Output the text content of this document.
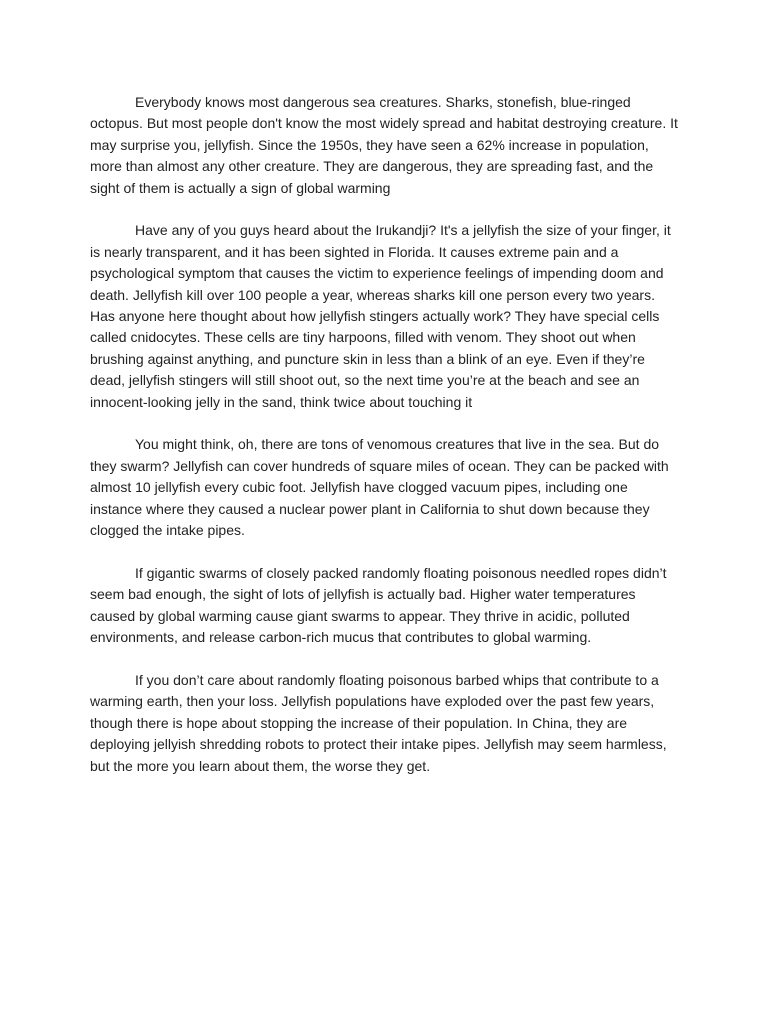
Everybody knows most dangerous sea creatures. Sharks, stonefish, blue-ringed octopus. But most people don't know the most widely spread and habitat destroying creature. It may surprise you, jellyfish. Since the 1950s, they have seen a 62% increase in population, more than almost any other creature. They are dangerous, they are spreading fast, and the sight of them is actually a sign of global warming

Have any of you guys heard about the Irukandji? It's a jellyfish the size of your finger, it is nearly transparent, and it has been sighted in Florida. It causes extreme pain and a psychological symptom that causes the victim to experience feelings of impending doom and death. Jellyfish kill over 100 people a year, whereas sharks kill one person every two years. Has anyone here thought about how jellyfish stingers actually work? They have special cells called cnidocytes. These cells are tiny harpoons, filled with venom. They shoot out when brushing against anything, and puncture skin in less than a blink of an eye. Even if they’re dead, jellyfish stingers will still shoot out, so the next time you’re at the beach and see an innocent-looking jelly in the sand, think twice about touching it

You might think, oh, there are tons of venomous creatures that live in the sea. But do they swarm? Jellyfish can cover hundreds of square miles of ocean. They can be packed with almost 10 jellyfish every cubic foot. Jellyfish have clogged vacuum pipes, including one instance where they caused a nuclear power plant in California to shut down because they clogged the intake pipes.

If gigantic swarms of closely packed randomly floating poisonous needled ropes didn’t seem bad enough, the sight of lots of jellyfish is actually bad. Higher water temperatures caused by global warming cause giant swarms to appear. They thrive in acidic, polluted environments, and release carbon-rich mucus that contributes to global warming.

If you don’t care about randomly floating poisonous barbed whips that contribute to a warming earth, then your loss. Jellyfish populations have exploded over the past few years, though there is hope about stopping the increase of their population. In China, they are deploying jellyish shredding robots to protect their intake pipes. Jellyfish may seem harmless, but the more you learn about them, the worse they get.
